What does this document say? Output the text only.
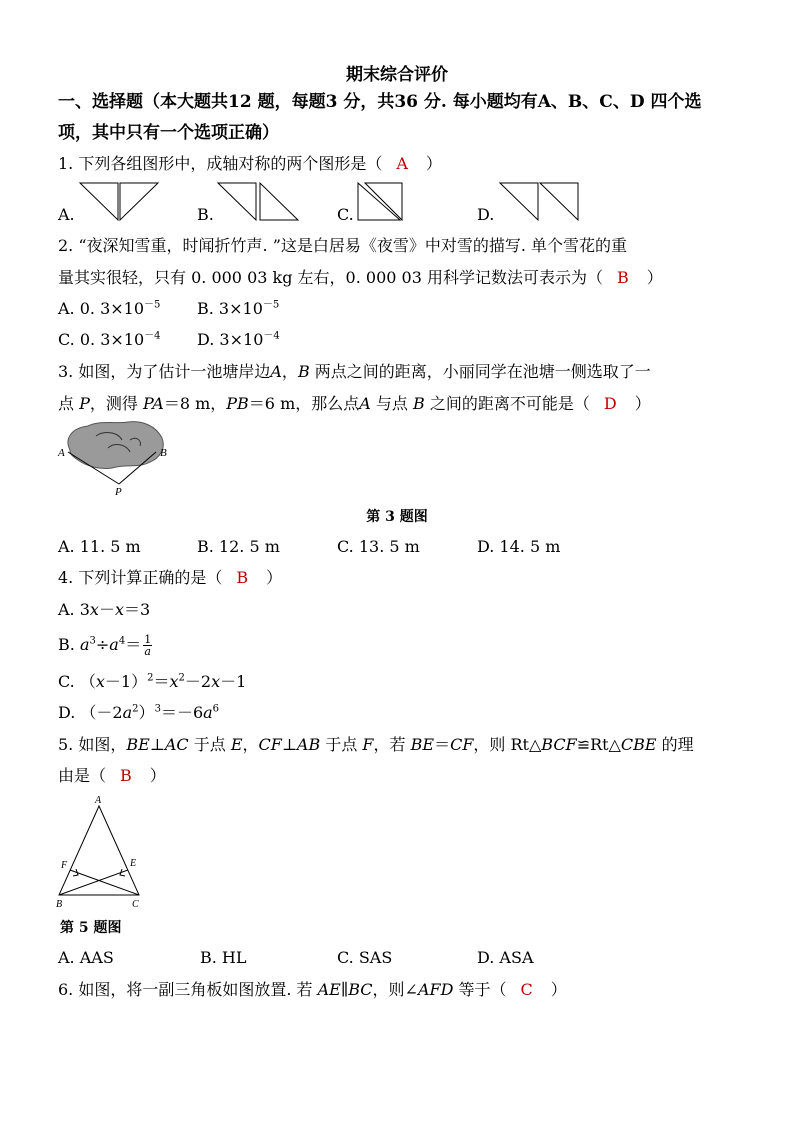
期末综合评价
一、选择题（本大题共12 题，每题3 分，共36 分. 每小题均有A、B、C、D 四个选
项，其中只有一个选项正确）
1. 下列各组图形中，成轴对称的两个图形是（ A ）
A.	B.	C.	D.
2. “夜深知雪重，时闻折竹声. ”这是白居易《夜雪》中对雪的描写. 单个雪花的重
量其实很轻，只有 0. 000 03 kg 左右，0. 000 03 用科学记数法可表示为（ B ）
A. 0. $3\times 10^{-5}$ B. $3\times 10^{-5}$
C. 0. $3\times 10^{-4}$ D. $3\times 10^{-4}$
3. 如图，为了估计一池塘岸边A，B 两点之间的距离，小丽同学在池塘一侧选取了一
点 P，测得 PA＝8 m，PB＝6 m，那么点A 与点 B 之间的距离不可能是（ D ）
A	B
P
第 3 题图
A. 11. 5 m	B. 12. 5 m	C. 13. 5 m	D. 14. 5 m
4. 下列计算正确的是（ B ）
A. 3x－x＝3
B. $a^3\div a^4= \frac{1}{a}$
C. $(x-1)^2=x^2-2x-1$
D. $(-2a^2)^3=-6a^6$
5. 如图，BE⊥AC 于点 E，CF⊥AB 于点 F，若 BE＝CF，则 Rt△BCF≌Rt△CBE 的理
由是（ B ）
A
B	C
E
F
第 5 题图
A. AAS	B. HL	C. SAS	D. ASA
6. 如图，将一副三角板如图放置. 若 AE∥BC，则∠AFD 等于（ C ）
